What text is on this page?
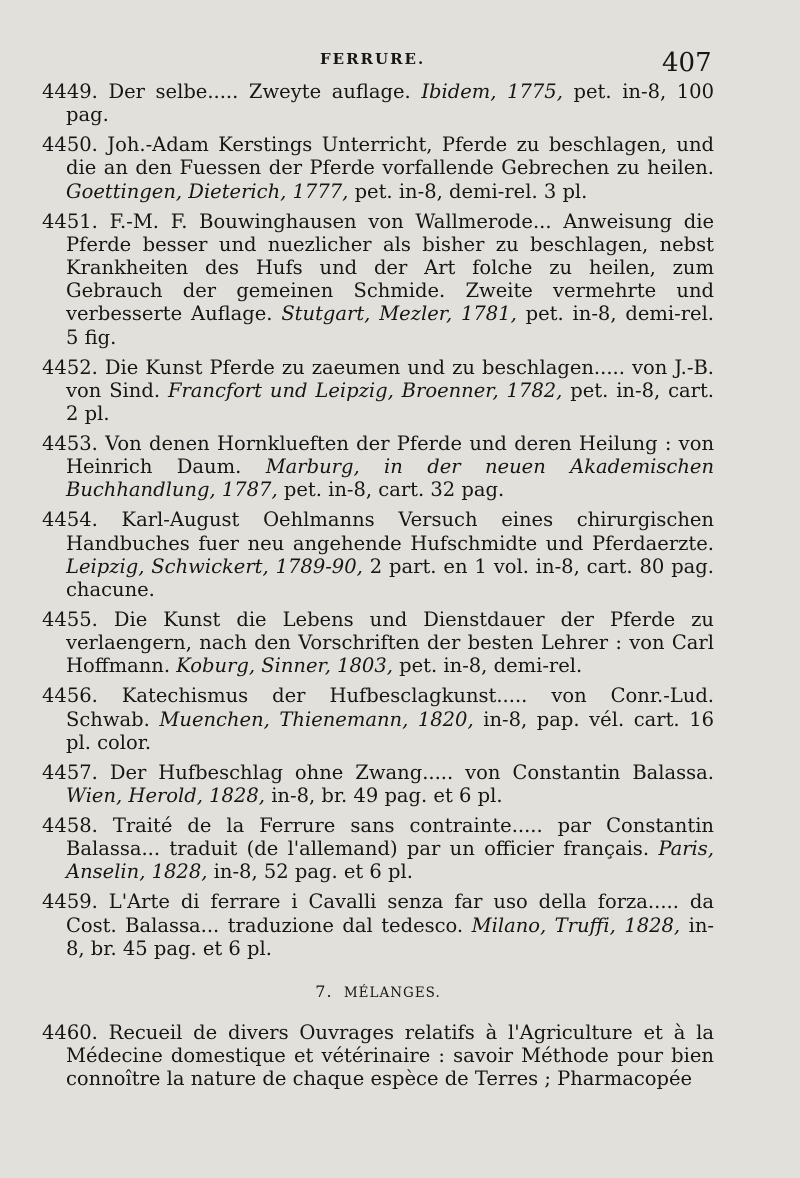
FERRURE.	407

4449. Der selbe..... Zweyte auflage. Ibidem, 1775, pet. in-8, 100 pag.

4450. Joh.-Adam Kerstings Unterricht, Pferde zu beschlagen, und die an den Fuessen der Pferde vorfallende Gebrechen zu heilen. Goettingen, Dieterich, 1777, pet. in-8, demi-rel. 3 pl.

4451. F.-M. F. Bouwinghausen von Wallmerode... Anweisung die Pferde besser und nuezlicher als bisher zu beschlagen, nebst Krankheiten des Hufs und der Art folche zu heilen, zum Gebrauch der gemeinen Schmide. Zweite vermehrte und verbesserte Auflage. Stutgart, Mezler, 1781, pet. in-8, demi-rel. 5 fig.

4452. Die Kunst Pferde zu zaeumen und zu beschlagen..... von J.-B. von Sind. Francfort und Leipzig, Broenner, 1782, pet. in-8, cart. 2 pl.

4453. Von denen Hornklueften der Pferde und deren Heilung : von Heinrich Daum. Marburg, in der neuen Akademischen Buchhandlung, 1787, pet. in-8, cart. 32 pag.

4454. Karl-August Oehlmanns Versuch eines chirurgischen Handbuches fuer neu angehende Hufschmidte und Pferdaerzte. Leipzig, Schwickert, 1789-90, 2 part. en 1 vol. in-8, cart. 80 pag. chacune.

4455. Die Kunst die Lebens und Dienstdauer der Pferde zu verlaengern, nach den Vorschriften der besten Lehrer : von Carl Hoffmann. Koburg, Sinner, 1803, pet. in-8, demi-rel.

4456. Katechismus der Hufbesclagkunst..... von Conr.-Lud. Schwab. Muenchen, Thienemann, 1820, in-8, pap. vél. cart. 16 pl. color.

4457. Der Hufbeschlag ohne Zwang..... von Constantin Balassa. Wien, Herold, 1828, in-8, br. 49 pag. et 6 pl.

4458. Traité de la Ferrure sans contrainte..... par Constantin Balassa... traduit (de l'allemand) par un officier français. Paris, Anselin, 1828, in-8, 52 pag. et 6 pl.

4459. L'Arte di ferrare i Cavalli senza far uso della forza..... da Cost. Balassa... traduzione dal tedesco. Milano, Truffi, 1828, in-8, br. 45 pag. et 6 pl.

7. MÉLANGES.

4460. Recueil de divers Ouvrages relatifs à l'Agriculture et à la Médecine domestique et vétérinaire : savoir Méthode pour bien connoître la nature de chaque espèce de Terres ; Pharmacopée
